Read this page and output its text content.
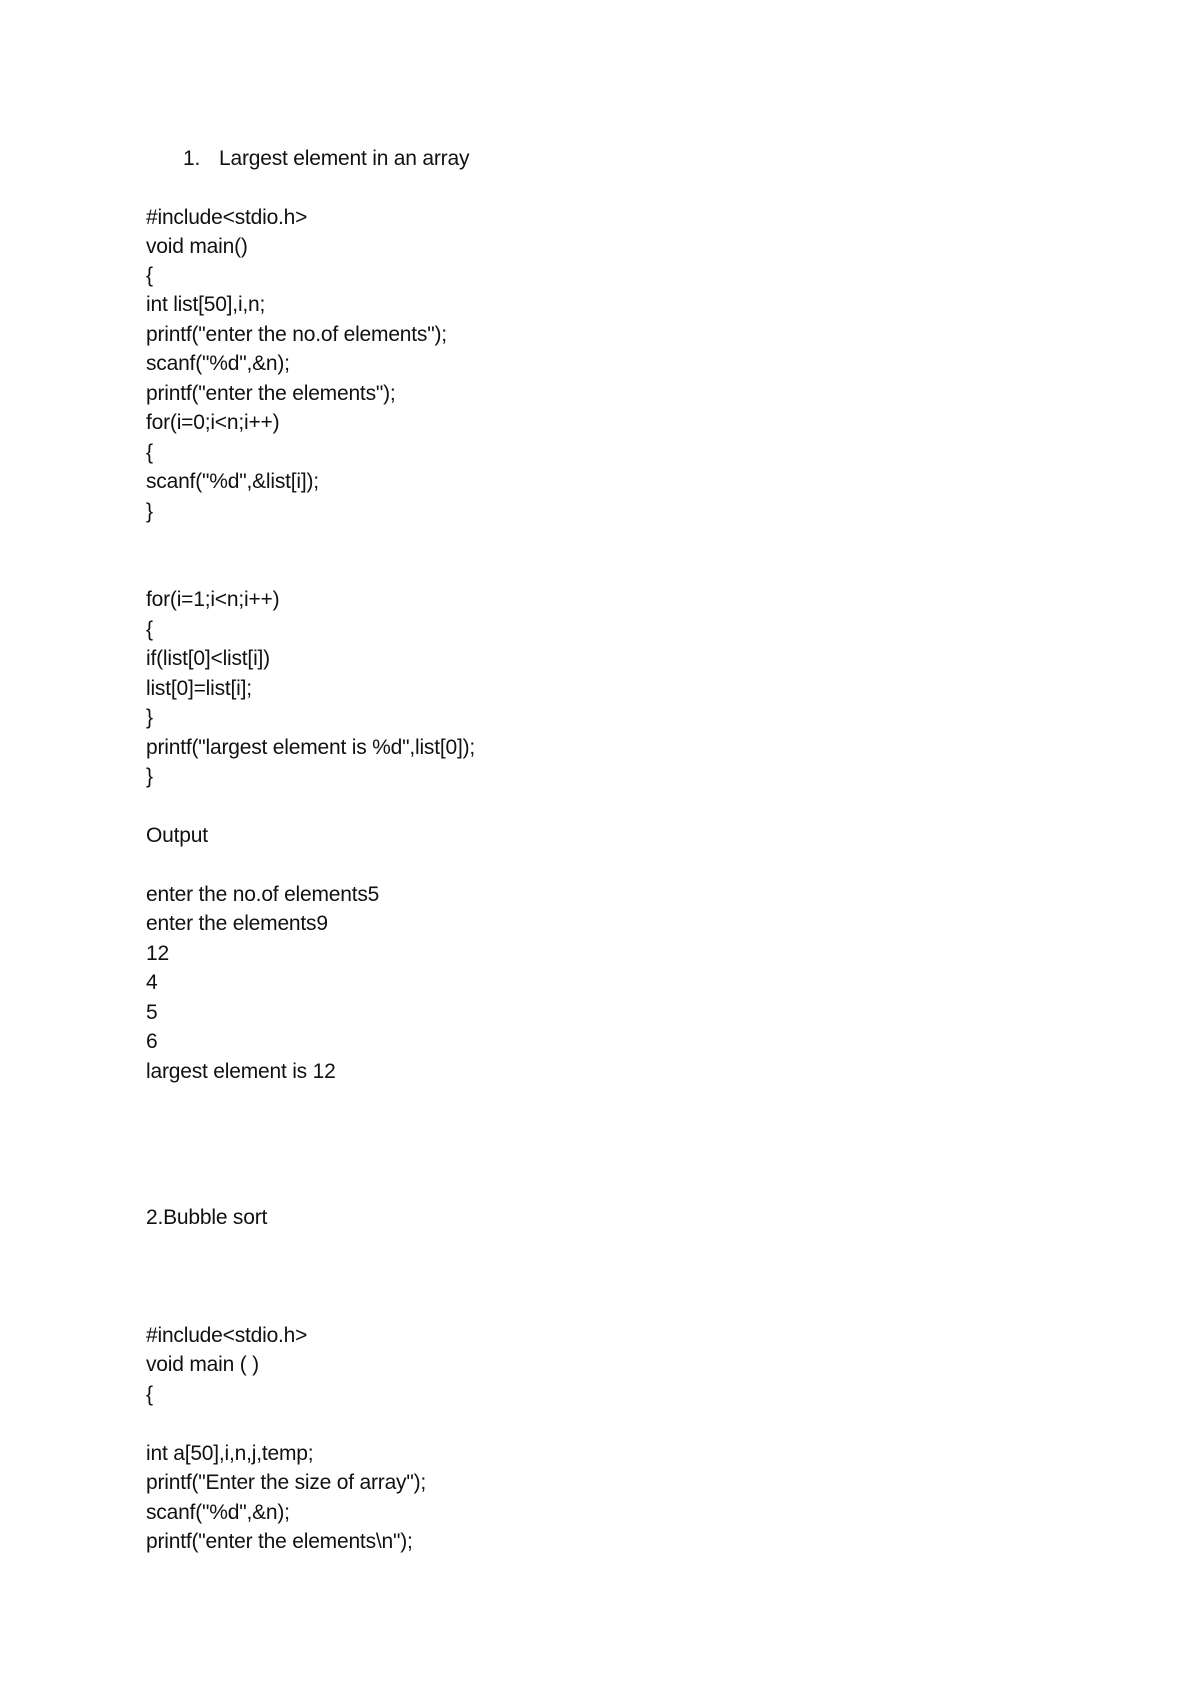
1. Largest element in an array
#include<stdio.h>
void main()
{
int list[50],i,n;
printf("enter the no.of elements");
scanf("%d",&n);
printf("enter the elements");
for(i=0;i<n;i++)
{
scanf("%d",&list[i]);
}
for(i=1;i<n;i++)
{
if(list[0]<list[i])
list[0]=list[i];
}
printf("largest element is %d",list[0]);
}
Output
enter the no.of elements5
enter the elements9
12
4
5
6
largest element is 12
2.Bubble sort
#include<stdio.h>
void main ( )
{
int a[50],i,n,j,temp;
printf("Enter the size of array");
scanf("%d",&n);
printf("enter the elements\n");
